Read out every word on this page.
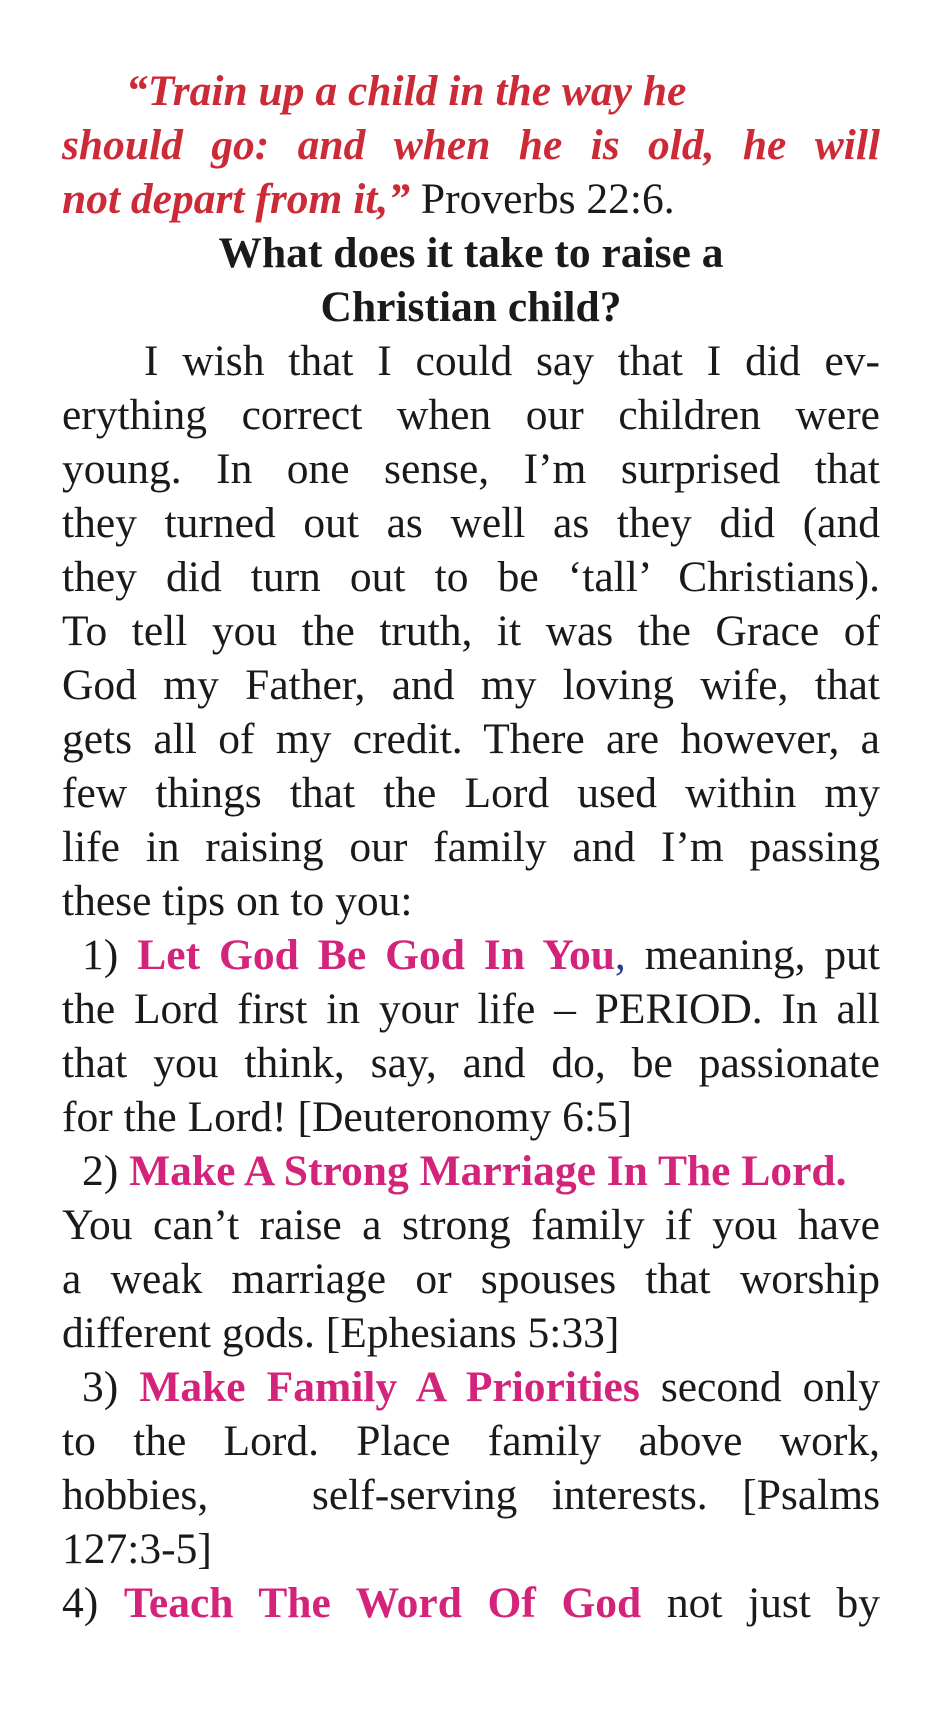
“Train up a child in the way he
should go: and when he is old, he will
not depart from it,” Proverbs 22:6.
What does it take to raise a
Christian child?
I wish that I could say that I did ev-
erything correct when our children were
young. In one sense, I’m surprised that
they turned out as well as they did (and
they did turn out to be ‘tall’ Christians).
To tell you the truth, it was the Grace of
God my Father, and my loving wife, that
gets all of my credit. There are however, a
few things that the Lord used within my
life in raising our family and I’m passing
these tips on to you:
1) Let God Be God In You, meaning, put
the Lord first in your life – PERIOD. In all
that you think, say, and do, be passionate
for the Lord! [Deuteronomy 6:5]
2) Make A Strong Marriage In The Lord.
You can’t raise a strong family if you have
a weak marriage or spouses that worship
different gods. [Ephesians 5:33]
3) Make Family A Priorities second only
to the Lord. Place family above work,
hobbies,   self-serving interests. [Psalms
127:3-5]
4) Teach The Word Of God not just by
